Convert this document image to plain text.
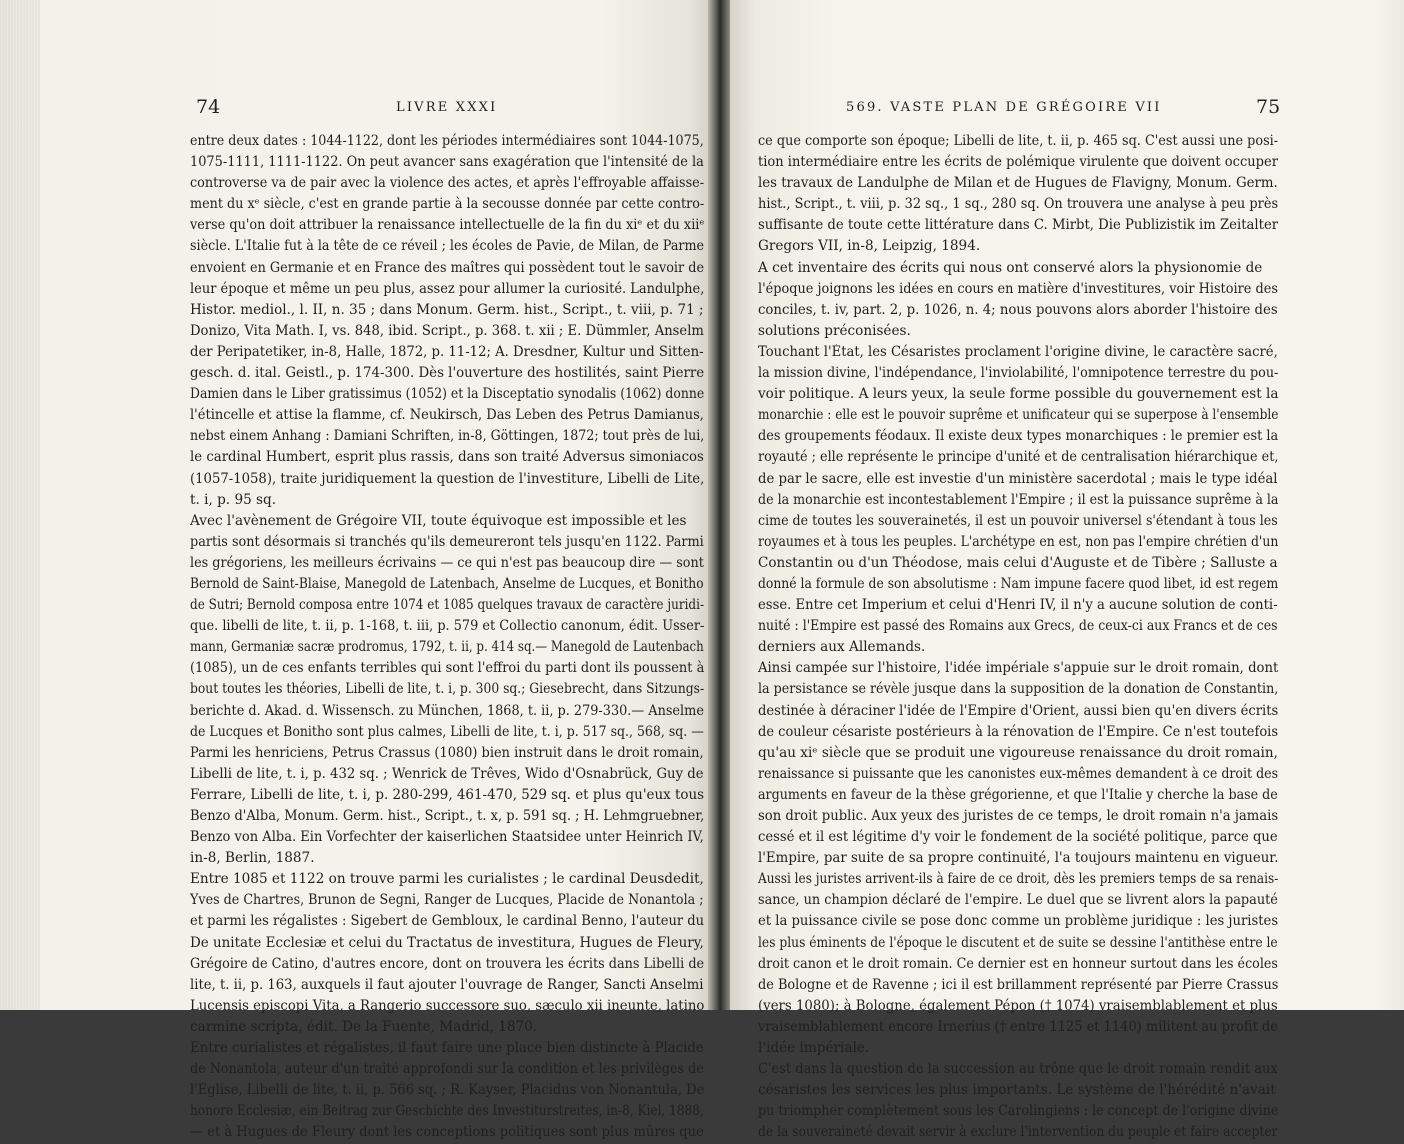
74	LIVRE XXXI
entre deux dates : 1044-1122, dont les périodes intermédiaires sont 1044-1075,
1075-1111, 1111-1122. On peut avancer sans exagération que l'intensité de la
controverse va de pair avec la violence des actes, et après l'effroyable affaisse-
ment du xᵉ siècle, c'est en grande partie à la secousse donnée par cette contro-
verse qu'on doit attribuer la renaissance intellectuelle de la fin du xiᵉ et du xiiᵉ
siècle. L'Italie fut à la tête de ce réveil ; les écoles de Pavie, de Milan, de Parme
envoient en Germanie et en France des maîtres qui possèdent tout le savoir de
leur époque et même un peu plus, assez pour allumer la curiosité. Landulphe,
Histor. mediol., l. II, n. 35 ; dans Monum. Germ. hist., Script., t. viii, p. 71 ;
Donizo, Vita Math. I, vs. 848, ibid. Script., p. 368. t. xii ; E. Dümmler, Anselm
der Peripatetiker, in-8, Halle, 1872, p. 11-12; A. Dresdner, Kultur und Sitten-
gesch. d. ital. Geistl., p. 174-300. Dès l'ouverture des hostilités, saint Pierre
Damien dans le Liber gratissimus (1052) et la Disceptatio synodalis (1062) donne
l'étincelle et attise la flamme, cf. Neukirsch, Das Leben des Petrus Damianus,
nebst einem Anhang : Damiani Schriften, in-8, Göttingen, 1872; tout près de lui,
le cardinal Humbert, esprit plus rassis, dans son traité Adversus simoniacos
(1057-1058), traite juridiquement la question de l'investiture, Libelli de Lite,
t. i, p. 95 sq.
Avec l'avènement de Grégoire VII, toute équivoque est impossible et les
partis sont désormais si tranchés qu'ils demeureront tels jusqu'en 1122. Parmi
les grégoriens, les meilleurs écrivains — ce qui n'est pas beaucoup dire — sont
Bernold de Saint-Blaise, Manegold de Latenbach, Anselme de Lucques, et Bonitho
de Sutri; Bernold composa entre 1074 et 1085 quelques travaux de caractère juridi-
que. libelli de lite, t. ii, p. 1-168, t. iii, p. 579 et Collectio canonum, édit. Usser-
mann, Germaniæ sacræ prodromus, 1792, t. ii, p. 414 sq.— Manegold de Lautenbach
(1085), un de ces enfants terribles qui sont l'effroi du parti dont ils poussent à
bout toutes les théories, Libelli de lite, t. i, p. 300 sq.; Giesebrecht, dans Sitzungs-
berichte d. Akad. d. Wissensch. zu München, 1868, t. ii, p. 279-330.— Anselme
de Lucques et Bonitho sont plus calmes, Libelli de lite, t. i, p. 517 sq., 568, sq. —
Parmi les henriciens, Petrus Crassus (1080) bien instruit dans le droit romain,
Libelli de lite, t. i, p. 432 sq. ; Wenrick de Trêves, Wido d'Osnabrück, Guy de
Ferrare, Libelli de lite, t. i, p. 280-299, 461-470, 529 sq. et plus qu'eux tous
Benzo d'Alba, Monum. Germ. hist., Script., t. x, p. 591 sq. ; H. Lehmgruebner,
Benzo von Alba. Ein Vorfechter der kaiserlichen Staatsidee unter Heinrich IV,
in-8, Berlin, 1887.
Entre 1085 et 1122 on trouve parmi les curialistes ; le cardinal Deusdedit,
Yves de Chartres, Brunon de Segni, Ranger de Lucques, Placide de Nonantola ;
et parmi les régalistes : Sigebert de Gembloux, le cardinal Benno, l'auteur du
De unitate Ecclesiæ et celui du Tractatus de investitura, Hugues de Fleury,
Grégoire de Catino, d'autres encore, dont on trouvera les écrits dans Libelli de
lite, t. ii, p. 163, auxquels il faut ajouter l'ouvrage de Ranger, Sancti Anselmi
Lucensis episcopi Vita, a Rangerio successore suo, sæculo xii ineunte, latino
carmine scripta, édit. De la Fuente, Madrid, 1870.
Entre curialistes et régalistes, il faut faire une place bien distincte à Placide
de Nonantola, auteur d'un traité approfondi sur la condition et les privilèges de
l'Église, Libelli de lite, t. ii, p. 566 sq. ; R. Kayser, Placidus von Nonantula, De
honore Ecclesiæ, ein Beitrag zur Geschichte des Investiturstreites, in-8, Kiel, 1888,
— et à Hugues de Fleury dont les conceptions politiques sont plus mûres que
569. VASTE PLAN DE GRÉGOIRE VII	75
ce que comporte son époque; Libelli de lite, t. ii, p. 465 sq. C'est aussi une posi-
tion intermédiaire entre les écrits de polémique virulente que doivent occuper
les travaux de Landulphe de Milan et de Hugues de Flavigny, Monum. Germ.
hist., Script., t. viii, p. 32 sq., 1 sq., 280 sq. On trouvera une analyse à peu près
suffisante de toute cette littérature dans C. Mirbt, Die Publizistik im Zeitalter
Gregors VII, in-8, Leipzig, 1894.
A cet inventaire des écrits qui nous ont conservé alors la physionomie de
l'époque joignons les idées en cours en matière d'investitures, voir Histoire des
conciles, t. iv, part. 2, p. 1026, n. 4; nous pouvons alors aborder l'histoire des
solutions préconisées.
Touchant l'État, les Césaristes proclament l'origine divine, le caractère sacré,
la mission divine, l'indépendance, l'inviolabilité, l'omnipotence terrestre du pou-
voir politique. A leurs yeux, la seule forme possible du gouvernement est la
monarchie : elle est le pouvoir suprême et unificateur qui se superpose à l'ensemble
des groupements féodaux. Il existe deux types monarchiques : le premier est la
royauté ; elle représente le principe d'unité et de centralisation hiérarchique et,
de par le sacre, elle est investie d'un ministère sacerdotal ; mais le type idéal
de la monarchie est incontestablement l'Empire ; il est la puissance suprême à la
cime de toutes les souverainetés, il est un pouvoir universel s'étendant à tous les
royaumes et à tous les peuples. L'archétype en est, non pas l'empire chrétien d'un
Constantin ou d'un Théodose, mais celui d'Auguste et de Tibère ; Salluste a
donné la formule de son absolutisme : Nam impune facere quod libet, id est regem
esse. Entre cet Imperium et celui d'Henri IV, il n'y a aucune solution de conti-
nuité : l'Empire est passé des Romains aux Grecs, de ceux-ci aux Francs et de ces
derniers aux Allemands.
Ainsi campée sur l'histoire, l'idée impériale s'appuie sur le droit romain, dont
la persistance se révèle jusque dans la supposition de la donation de Constantin,
destinée à déraciner l'idée de l'Empire d'Orient, aussi bien qu'en divers écrits
de couleur césariste postérieurs à la rénovation de l'Empire. Ce n'est toutefois
qu'au xiᵉ siècle que se produit une vigoureuse renaissance du droit romain,
renaissance si puissante que les canonistes eux-mêmes demandent à ce droit des
arguments en faveur de la thèse grégorienne, et que l'Italie y cherche la base de
son droit public. Aux yeux des juristes de ce temps, le droit romain n'a jamais
cessé et il est légitime d'y voir le fondement de la société politique, parce que
l'Empire, par suite de sa propre continuité, l'a toujours maintenu en vigueur.
Aussi les juristes arrivent-ils à faire de ce droit, dès les premiers temps de sa renais-
sance, un champion déclaré de l'empire. Le duel que se livrent alors la papauté
et la puissance civile se pose donc comme un problème juridique : les juristes
les plus éminents de l'époque le discutent et de suite se dessine l'antithèse entre le
droit canon et le droit romain. Ce dernier est en honneur surtout dans les écoles
de Bologne et de Ravenne ; ici il est brillamment représenté par Pierre Crassus
(vers 1080); à Bologne, également Pépon († 1074) vraisemblablement et plus
vraisemblablement encore Irnerius († entre 1125 et 1140) militent au profit de
l'idée impériale.
C'est dans la question de la succession au trône que le droit romain rendit aux
césaristes les services les plus importants. Le système de l'hérédité n'avait
pu triompher complètement sous les Carolingiens : le concept de l'origine divine
de la souveraineté devait servir à exclure l'intervention du peuple et faire accepter
